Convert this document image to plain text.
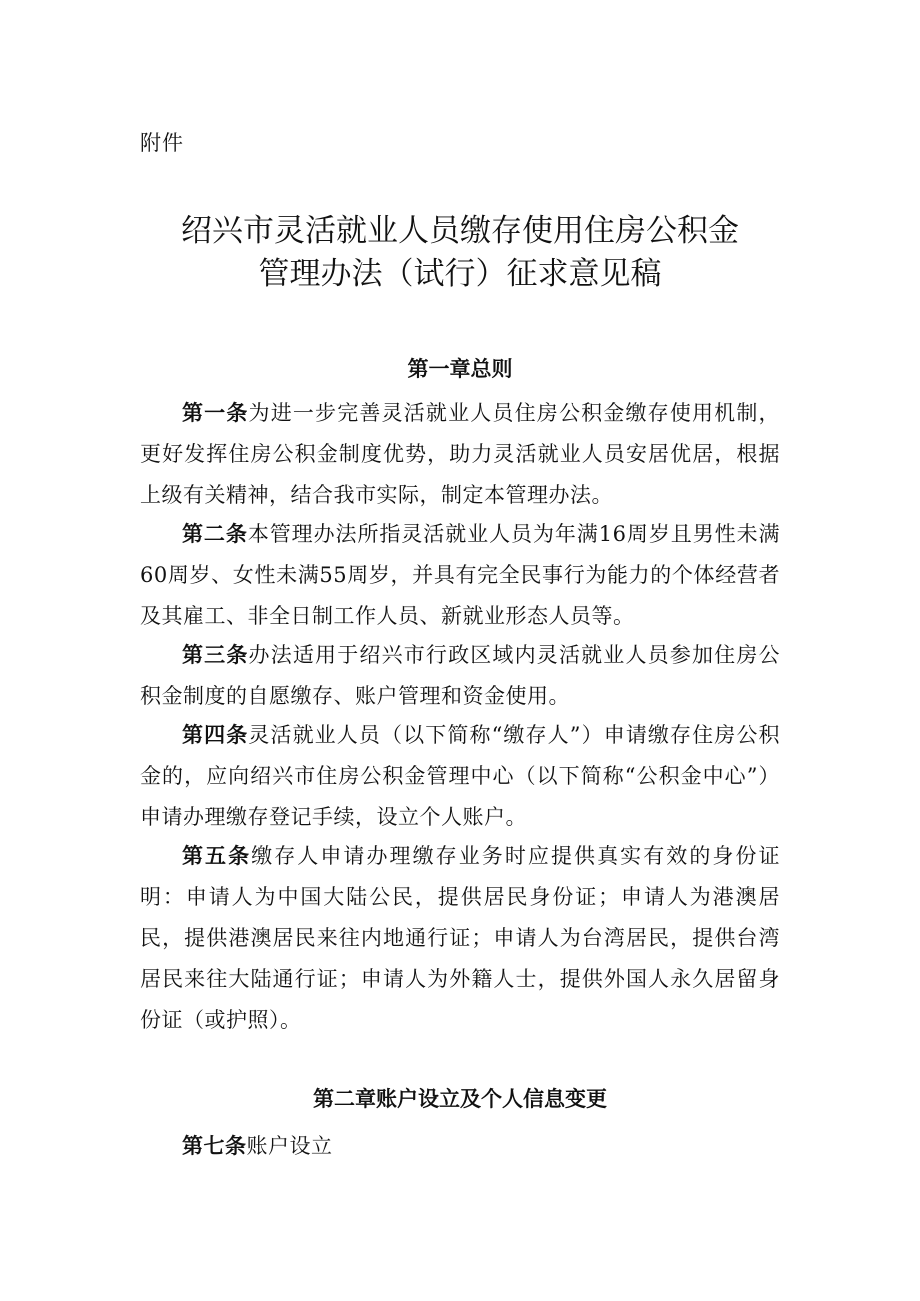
附件
绍兴市灵活就业人员缴存使用住房公积金
管理办法（试行）征求意见稿
第一章总则

第一条为进一步完善灵活就业人员住房公积金缴存使用机制，更好发挥住房公积金制度优势，助力灵活就业人员安居优居，根据上级有关精神，结合我市实际，制定本管理办法。

第二条本管理办法所指灵活就业人员为年满16周岁且男性未满60周岁、女性未满55周岁，并具有完全民事行为能力的个体经营者及其雇工、非全日制工作人员、新就业形态人员等。

第三条办法适用于绍兴市行政区域内灵活就业人员参加住房公积金制度的自愿缴存、账户管理和资金使用。

第四条灵活就业人员（以下简称“缴存人”）申请缴存住房公积金的，应向绍兴市住房公积金管理中心（以下简称“公积金中心”）申请办理缴存登记手续，设立个人账户。

第五条缴存人申请办理缴存业务时应提供真实有效的身份证明：申请人为中国大陆公民，提供居民身份证；申请人为港澳居民，提供港澳居民来往内地通行证；申请人为台湾居民，提供台湾居民来往大陆通行证；申请人为外籍人士，提供外国人永久居留身份证（或护照）。

第二章账户设立及个人信息变更

第七条账户设立
